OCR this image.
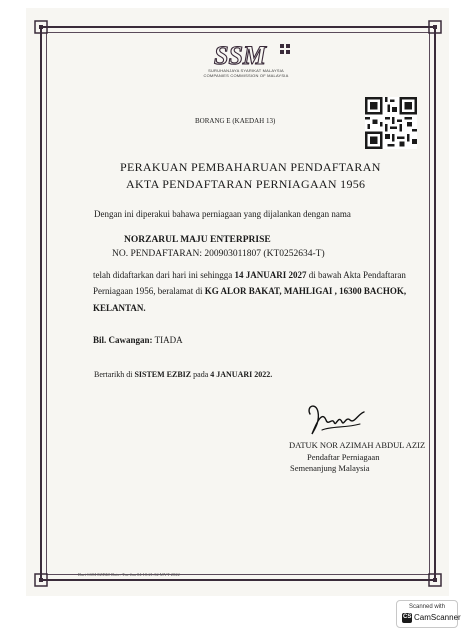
SSM
SURUHANJAYA SYARIKAT MALAYSIA
COMPANIES COMMISSION OF MALAYSIA
BORANG E (KAEDAH 13)
PERAKUAN PEMBAHARUAN PENDAFTARAN
AKTA PENDAFTARAN PERNIAGAAN 1956
Dengan ini diperakui bahawa perniagaan yang dijalankan dengan nama
NORZARUL MAJU ENTERPRISE
NO. PENDAFTARAN: 200903011807 (KT0252634-T)
telah didaftarkan dari hari ini sehingga 14 JANUARI 2027 di bawah Akta Pendaftaran
Perniagaan 1956, beralamat di KG ALOR BAKAT, MAHLIGAI , 16300 BACHOK,
KELANTAN.
Bil. Cawangan: TIADA
Bertarikh di SISTEM EZBIZ pada 4 JANUARI 2022.
DATUK NOR AZIMAH ABDUL AZIZ
Pendaftar Perniagaan
Semenanjung Malaysia
Dari SSM EZBIZ Date: Tue Jan 04 10:21:32 MYT 2022
Scanned with
CS CamScanner
